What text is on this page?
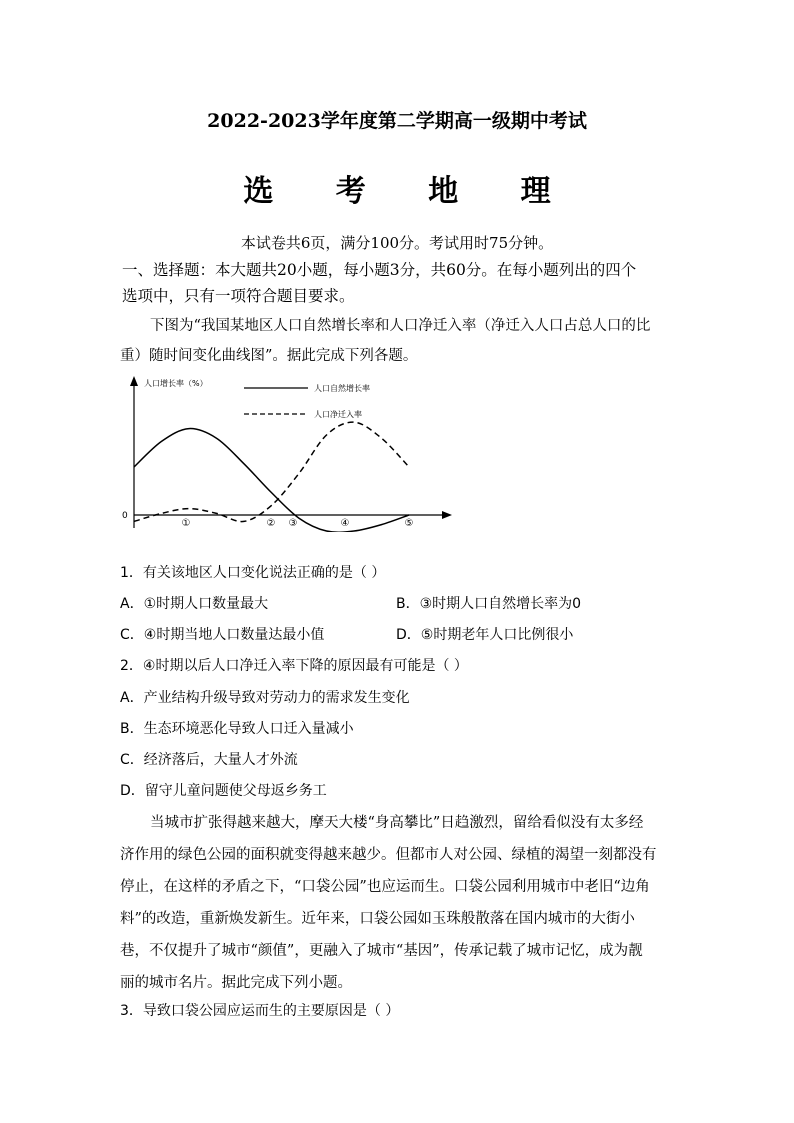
2022-2023学年度第二学期高一级期中考试
选 考 地 理
本试卷共6页，满分100分。考试用时75分钟。
一、选择题：本大题共20小题，每小题3分，共60分。在每小题列出的四个
选项中，只有一项符合题目要求。
下图为“我国某地区人口自然增长率和人口净迁入率（净迁入人口占总人口的比
重）随时间变化曲线图”。据此完成下列各题。
0
人口增长率（%）
人口自然增长率
人口净迁入率
①	② ③	④	⑤
1．有关该地区人口变化说法正确的是（ ）
A．①时期人口数量最大	B．③时期人口自然增长率为0
C．④时期当地人口数量达最小值	D．⑤时期老年人口比例很小
2．④时期以后人口净迁入率下降的原因最有可能是（ ）
A．产业结构升级导致对劳动力的需求发生变化
B．生态环境恶化导致人口迁入量减小
C．经济落后，大量人才外流
D．留守儿童问题使父母返乡务工
当城市扩张得越来越大，摩天大楼“身高攀比”日趋激烈，留给看似没有太多经
济作用的绿色公园的面积就变得越来越少。但都市人对公园、绿植的渴望一刻都没有
停止，在这样的矛盾之下，“口袋公园”也应运而生。口袋公园利用城市中老旧“边角
料”的改造，重新焕发新生。近年来，口袋公园如玉珠般散落在国内城市的大街小
巷，不仅提升了城市“颜值”，更融入了城市“基因”，传承记载了城市记忆，成为靓
丽的城市名片。据此完成下列小题。
3．导致口袋公园应运而生的主要原因是（ ）
